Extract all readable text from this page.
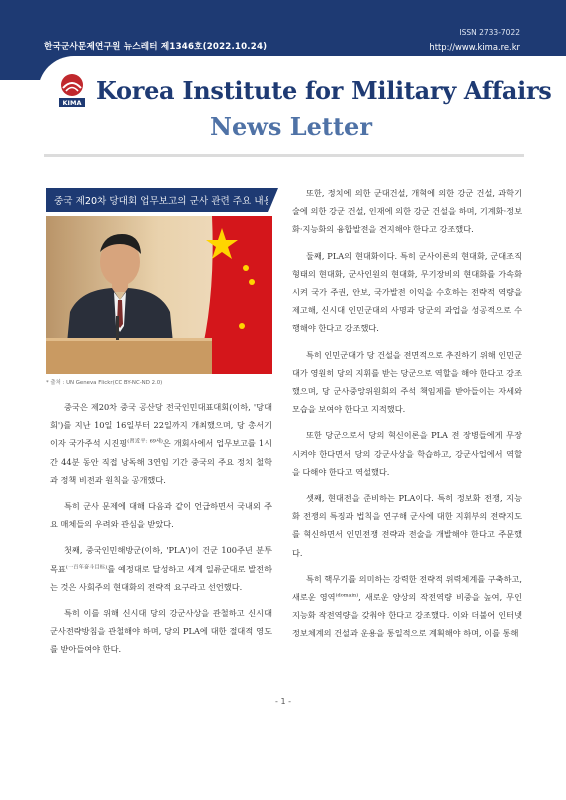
한국군사문제연구원 뉴스레터 제1346호(2022.10.24)
ISSN 2733-7022
http://www.kima.re.kr
KIMA Korea Institute for Military Affairs
News Letter
중국 제20차 당대회 업무보고의 군사 관련 주요 내용
* 출처 : UN Geneva Flickr(CC BY-NC-ND 2.0)

중국은 제20차 중국 공산당 전국인민대표대회(이하, '당대회')를 지난 10일 16일부터 22일까지 개최했으며, 당 총서기이자 국가주석 시진핑$^{(習近平: 69세)}$은 개회사에서 업무보고를 1시간 44분 동안 직접 낭독해 3연임 기간 중국의 주요 정치 철학과 정책 비전과 원칙을 공개했다.

특히 군사 문제에 대해 다음과 같이 언급하면서 국내외 주요 매체들의 우려와 관심을 받았다.

첫째, 중국인민해방군(이하, 'PLA')이 건군 100주년 분투목표$^{(一百年奋斗目标)}$를 예정대로 달성하고 세계 일류군대로 발전하는 것은 사회주의 현대화의 전략적 요구라고 선언했다.

특히 이를 위해 신시대 당의 강군사상을 관철하고 신시대 군사전략방침을 관철해야 하며, 당의 PLA에 대한 절대적 영도를 받아들여야 한다.

또한, 정치에 의한 군대건설, 개혁에 의한 강군 건설, 과학기술에 의한 강군 건설, 인재에 의한 강군 건설을 하며, 기계화·정보화·지능화의 융합발전을 견지해야 한다고 강조했다.

둘째, PLA의 현대화이다. 특히 군사이론의 현대화, 군대조직 형태의 현대화, 군사인원의 현대화, 무기장비의 현대화를 가속화시켜 국가 주권, 안보, 국가발전 이익을 수호하는 전략적 역량을 제고해, 신시대 인민군대의 사명과 당군의 과업을 성공적으로 수행해야 한다고 강조했다.

특히 인민군대가 당 건설을 전면적으로 추진하기 위해 인민군대가 영원히 당의 지휘를 받는 당군으로 역할을 해야 한다고 강조했으며, 당 군사중앙위원회의 주석 책임제를 받아들이는 자세와 모습을 보여야 한다고 지적했다.

또한 당군으로서 당의 혁신이론을 PLA 전 장병들에게 무장시켜야 한다면서 당의 강군사상을 학습하고, 강군사업에서 역할을 다해야 한다고 역설했다.

셋째, 현대전을 준비하는 PLA이다. 특히 정보화 전쟁, 지능화 전쟁의 특징과 법칙을 연구해 군사에 대한 지휘부의 전략지도를 혁신하면서 인민전쟁 전략과 전술을 개발해야 한다고 주문했다.

특히 핵무기를 의미하는 강력한 전략적 위력체계를 구축하고, 새로운 영역$^{(domain)}$, 새로운 양상의 작전역량 비중을 높여, 무인 지능화 작전역량을 갖춰야 한다고 강조했다. 이와 더불어 인터넷 정보체계의 건설과 운용을 통일적으로 계획해야 하며, 이를 통해

- 1 -
